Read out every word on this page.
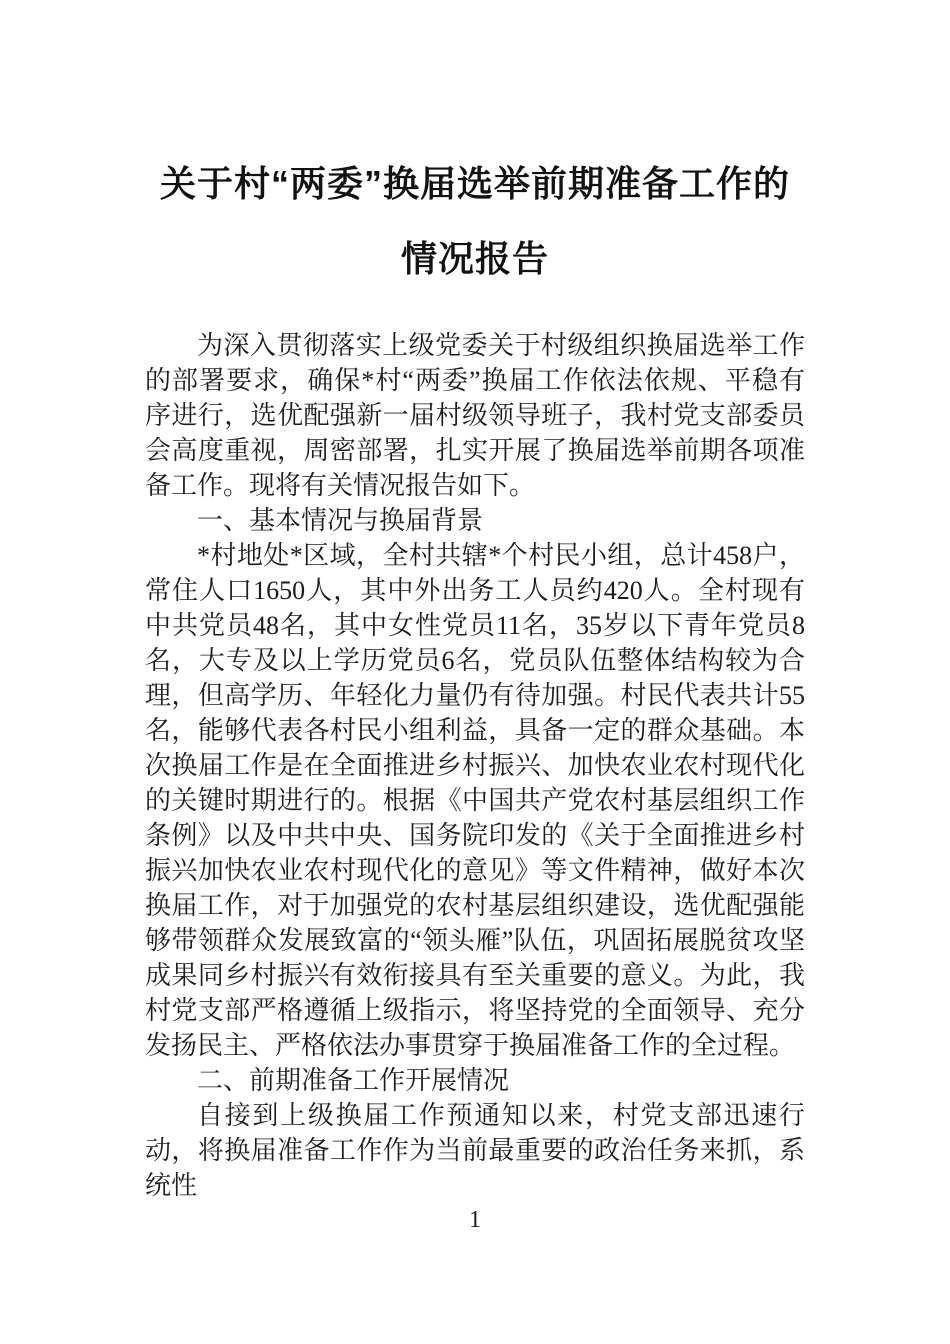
关于村“两委”换届选举前期准备工作的
情况报告

为深入贯彻落实上级党委关于村级组织换届选举工作的部署要求，确保*村“两委”换届工作依法依规、平稳有序进行，选优配强新一届村级领导班子，我村党支部委员会高度重视，周密部署，扎实开展了换届选举前期各项准备工作。现将有关情况报告如下。

一、基本情况与换届背景

*村地处*区域，全村共辖*个村民小组，总计458户，常住人口1650人，其中外出务工人员约420人。全村现有中共党员48名，其中女性党员11名，35岁以下青年党员8名，大专及以上学历党员6名，党员队伍整体结构较为合理，但高学历、年轻化力量仍有待加强。村民代表共计55名，能够代表各村民小组利益，具备一定的群众基础。本次换届工作是在全面推进乡村振兴、加快农业农村现代化的关键时期进行的。根据《中国共产党农村基层组织工作条例》以及中共中央、国务院印发的《关于全面推进乡村振兴加快农业农村现代化的意见》等文件精神，做好本次换届工作，对于加强党的农村基层组织建设，选优配强能够带领群众发展致富的“领头雁”队伍，巩固拓展脱贫攻坚成果同乡村振兴有效衔接具有至关重要的意义。为此，我村党支部严格遵循上级指示，将坚持党的全面领导、充分发扬民主、严格依法办事贯穿于换届准备工作的全过程。

二、前期准备工作开展情况

自接到上级换届工作预通知以来，村党支部迅速行动，将换届准备工作作为当前最重要的政治任务来抓，系统性

1
